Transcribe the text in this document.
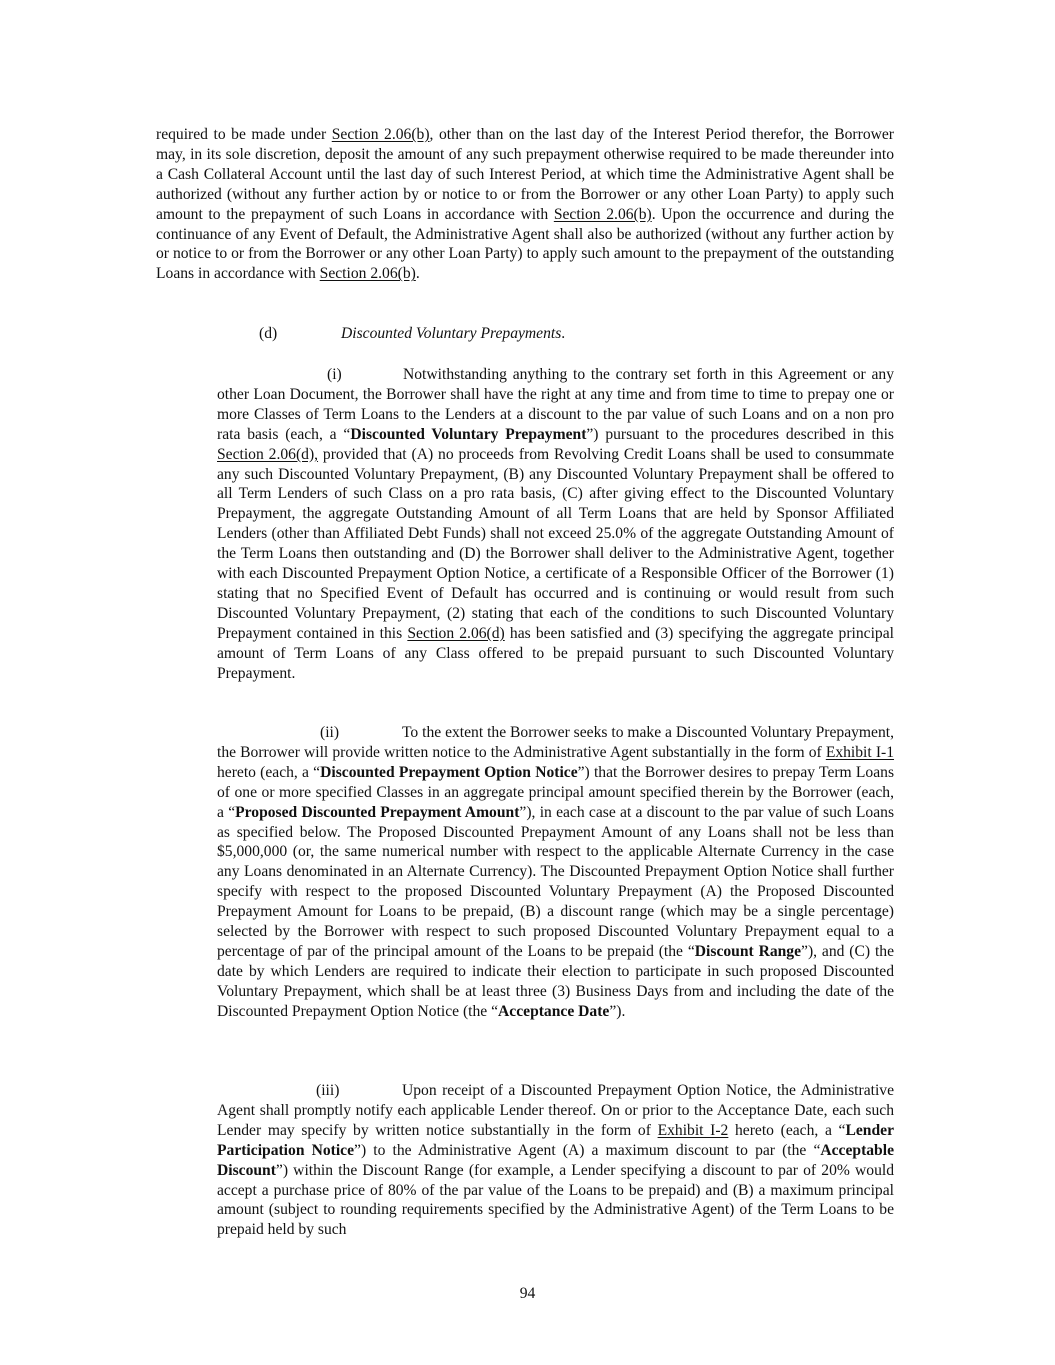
required to be made under Section 2.06(b), other than on the last day of the Interest Period therefor, the Borrower may, in its sole discretion, deposit the amount of any such prepayment otherwise required to be made thereunder into a Cash Collateral Account until the last day of such Interest Period, at which time the Administrative Agent shall be authorized (without any further action by or notice to or from the Borrower or any other Loan Party) to apply such amount to the prepayment of such Loans in accordance with Section 2.06(b). Upon the occurrence and during the continuance of any Event of Default, the Administrative Agent shall also be authorized (without any further action by or notice to or from the Borrower or any other Loan Party) to apply such amount to the prepayment of the outstanding Loans in accordance with Section 2.06(b).

(d)	Discounted Voluntary Prepayments.

(i)	Notwithstanding anything to the contrary set forth in this Agreement or any other Loan Document, the Borrower shall have the right at any time and from time to time to prepay one or more Classes of Term Loans to the Lenders at a discount to the par value of such Loans and on a non pro rata basis (each, a “Discounted Voluntary Prepayment”) pursuant to the procedures described in this Section 2.06(d), provided that (A) no proceeds from Revolving Credit Loans shall be used to consummate any such Discounted Voluntary Prepayment, (B) any Discounted Voluntary Prepayment shall be offered to all Term Lenders of such Class on a pro rata basis, (C) after giving effect to the Discounted Voluntary Prepayment, the aggregate Outstanding Amount of all Term Loans that are held by Sponsor Affiliated Lenders (other than Affiliated Debt Funds) shall not exceed 25.0% of the aggregate Outstanding Amount of the Term Loans then outstanding and (D) the Borrower shall deliver to the Administrative Agent, together with each Discounted Prepayment Option Notice, a certificate of a Responsible Officer of the Borrower (1) stating that no Specified Event of Default has occurred and is continuing or would result from such Discounted Voluntary Prepayment, (2) stating that each of the conditions to such Discounted Voluntary Prepayment contained in this Section 2.06(d) has been satisfied and (3) specifying the aggregate principal amount of Term Loans of any Class offered to be prepaid pursuant to such Discounted Voluntary Prepayment.

(ii)	To the extent the Borrower seeks to make a Discounted Voluntary Prepayment, the Borrower will provide written notice to the Administrative Agent substantially in the form of Exhibit I-1 hereto (each, a “Discounted Prepayment Option Notice”) that the Borrower desires to prepay Term Loans of one or more specified Classes in an aggregate principal amount specified therein by the Borrower (each, a “Proposed Discounted Prepayment Amount”), in each case at a discount to the par value of such Loans as specified below. The Proposed Discounted Prepayment Amount of any Loans shall not be less than $5,000,000 (or, the same numerical number with respect to the applicable Alternate Currency in the case any Loans denominated in an Alternate Currency). The Discounted Prepayment Option Notice shall further specify with respect to the proposed Discounted Voluntary Prepayment (A) the Proposed Discounted Prepayment Amount for Loans to be prepaid, (B) a discount range (which may be a single percentage) selected by the Borrower with respect to such proposed Discounted Voluntary Prepayment equal to a percentage of par of the principal amount of the Loans to be prepaid (the “Discount Range”), and (C) the date by which Lenders are required to indicate their election to participate in such proposed Discounted Voluntary Prepayment, which shall be at least three (3) Business Days from and including the date of the Discounted Prepayment Option Notice (the “Acceptance Date”).

(iii)	Upon receipt of a Discounted Prepayment Option Notice, the Administrative Agent shall promptly notify each applicable Lender thereof. On or prior to the Acceptance Date, each such Lender may specify by written notice substantially in the form of Exhibit I-2 hereto (each, a “Lender Participation Notice”) to the Administrative Agent (A) a maximum discount to par (the “Acceptable Discount”) within the Discount Range (for example, a Lender specifying a discount to par of 20% would accept a purchase price of 80% of the par value of the Loans to be prepaid) and (B) a maximum principal amount (subject to rounding requirements specified by the Administrative Agent) of the Term Loans to be prepaid held by such

94
